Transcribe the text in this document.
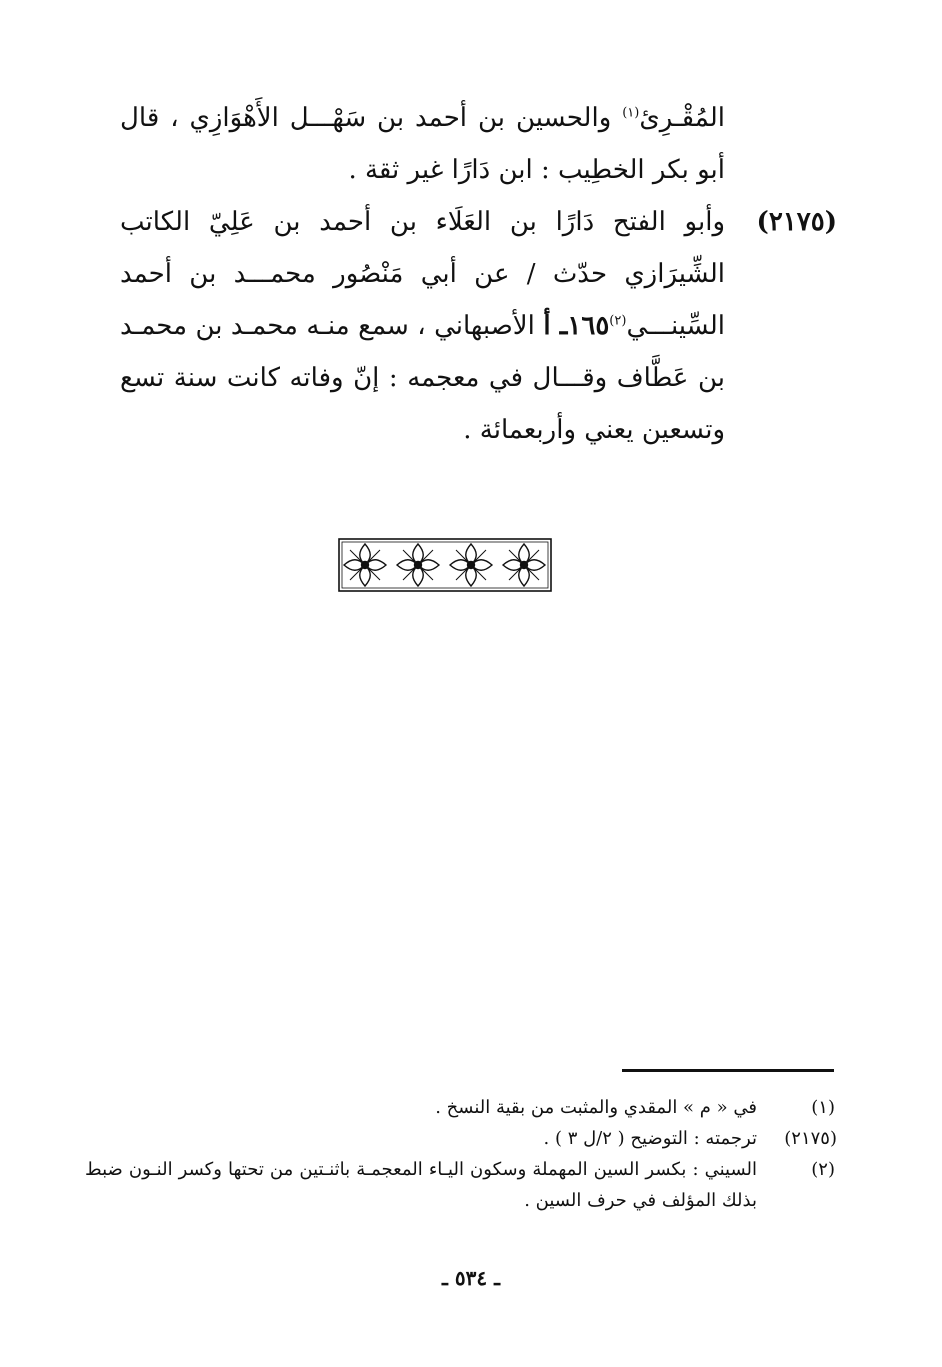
المُقْـرِئ$^{(١)}$ والحسين بن أحمد بن سَهْـــل الأَهْوَازِي ، قال أبو بكر الخطِيب : ابن دَارًا غير ثقة .

(٢١٧٥)
وأبو الفتح دَارًا بن العَلَاء بن أحمد بن عَلِيّ الكاتب الشِّيرَازي حدّث / عن أبي مَنْصُور محمـــد بن أحمد السِّينـــي$^{(٢)}$١٦٥ـ أ الأصبهاني ، سمع منـه محمـد بن محمـد بن عَطَّاف وقـــال في معجمه : إنّ وفاته كانت سنة تسع وتسعين يعني وأربعمائة .
(١)
في « م » المقدي والمثبت من بقية النسخ .
(٢١٧٥)
ترجمته : التوضيح ( ٢/ل ٣ ) .
(٢)
السيني : بكسر السين المهملة وسكون اليـاء المعجمـة باثنـتين من تحتها وكسر النـون ضبط بذلك المؤلف في حرف السين .
ـ ٥٣٤ ـ
